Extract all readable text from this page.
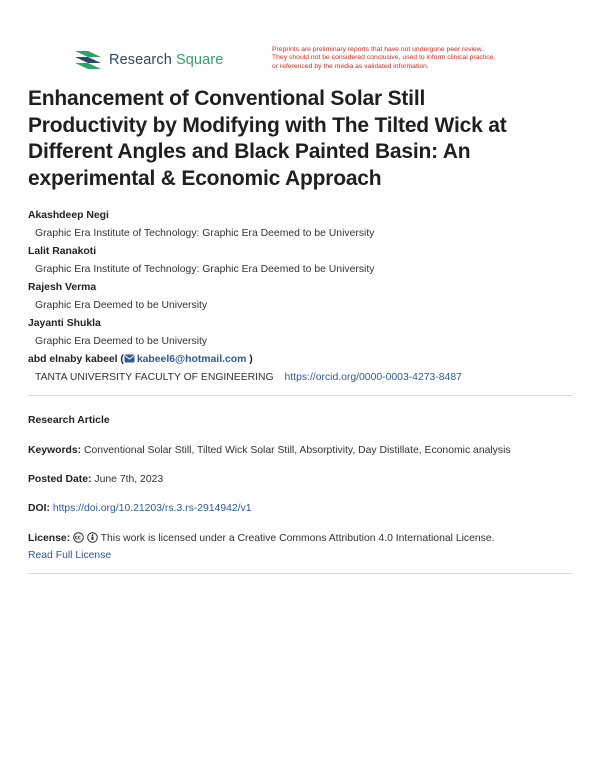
Research Square
Preprints are preliminary reports that have not undergone peer review.
They should not be considered conclusive, used to inform clinical practice,
or referenced by the media as validated information.
Enhancement of Conventional Solar Still
Productivity by Modifying with The Tilted Wick at
Different Angles and Black Painted Basin: An
experimental & Economic Approach
Akashdeep Negi
Graphic Era Institute of Technology: Graphic Era Deemed to be University
Lalit Ranakoti
Graphic Era Institute of Technology: Graphic Era Deemed to be University
Rajesh Verma
Graphic Era Deemed to be University
Jayanti Shukla
Graphic Era Deemed to be University
abd elnaby kabeel ( kabeel6@hotmail.com )
TANTA UNIVERSITY FACULTY OF ENGINEERING https://orcid.org/0000-0003-4273-8487
Research Article
Keywords: Conventional Solar Still, Tilted Wick Solar Still, Absorptivity, Day Distillate, Economic analysis
Posted Date: June 7th, 2023
DOI: https://doi.org/10.21203/rs.3.rs-2914942/v1
License:	This work is licensed under a Creative Commons Attribution 4.0 International License.
Read Full License
